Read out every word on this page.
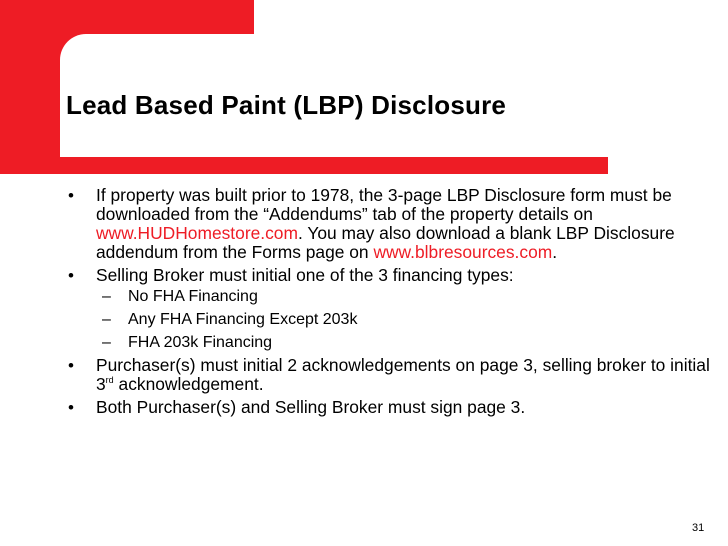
Lead Based Paint (LBP) Disclosure
• If property was built prior to 1978, the 3-page LBP Disclosure form must be downloaded from the “Addendums” tab of the property details on www.HUDHomestore.com. You may also download a blank LBP Disclosure addendum from the Forms page on www.blbresources.com.
• Selling Broker must initial one of the 3 financing types:
– No FHA Financing
– Any FHA Financing Except 203k
– FHA 203k Financing
• Purchaser(s) must initial 2 acknowledgements on page 3, selling broker to initial 3rd acknowledgement.
• Both Purchaser(s) and Selling Broker must sign page 3.
31
